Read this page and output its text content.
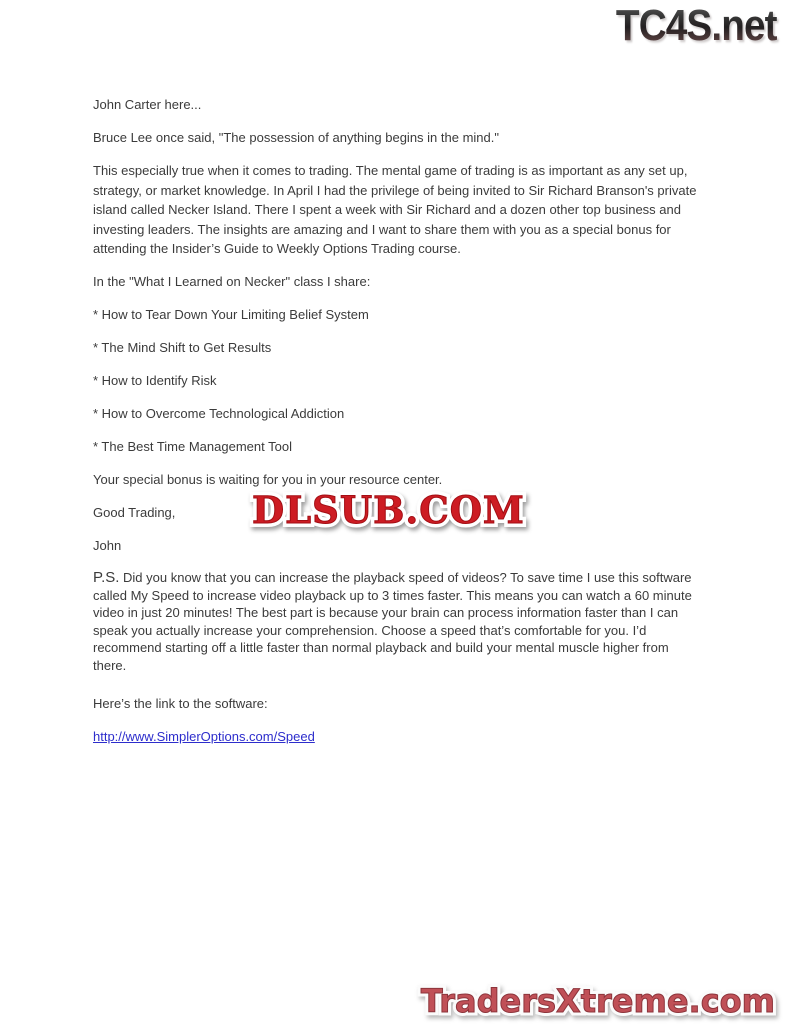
TC4S.net

John Carter here...

Bruce Lee once said, "The possession of anything begins in the mind."

This especially true when it comes to trading. The mental game of trading is as important as any set up, strategy, or market knowledge. In April I had the privilege of being invited to Sir Richard Branson's private island called Necker Island. There I spent a week with Sir Richard and a dozen other top business and investing leaders. The insights are amazing and I want to share them with you as a special bonus for attending the Insider’s Guide to Weekly Options Trading course.

In the "What I Learned on Necker" class I share:

* How to Tear Down Your Limiting Belief System

* The Mind Shift to Get Results

* How to Identify Risk

* How to Overcome Technological Addiction

* The Best Time Management Tool

Your special bonus is waiting for you in your resource center.

Good Trading,

John

P.S. Did you know that you can increase the playback speed of videos? To save time I use this software called My Speed to increase video playback up to 3 times faster. This means you can watch a 60 minute video in just 20 minutes! The best part is because your brain can process information faster than I can speak you actually increase your comprehension. Choose a speed that’s comfortable for you. I’d recommend starting off a little faster than normal playback and build your mental muscle higher from there.

Here’s the link to the software:

http://www.SimplerOptions.com/Speed

DLSUB.COM DLSUB.COM
TradersXtreme.com TradersXtreme.com
